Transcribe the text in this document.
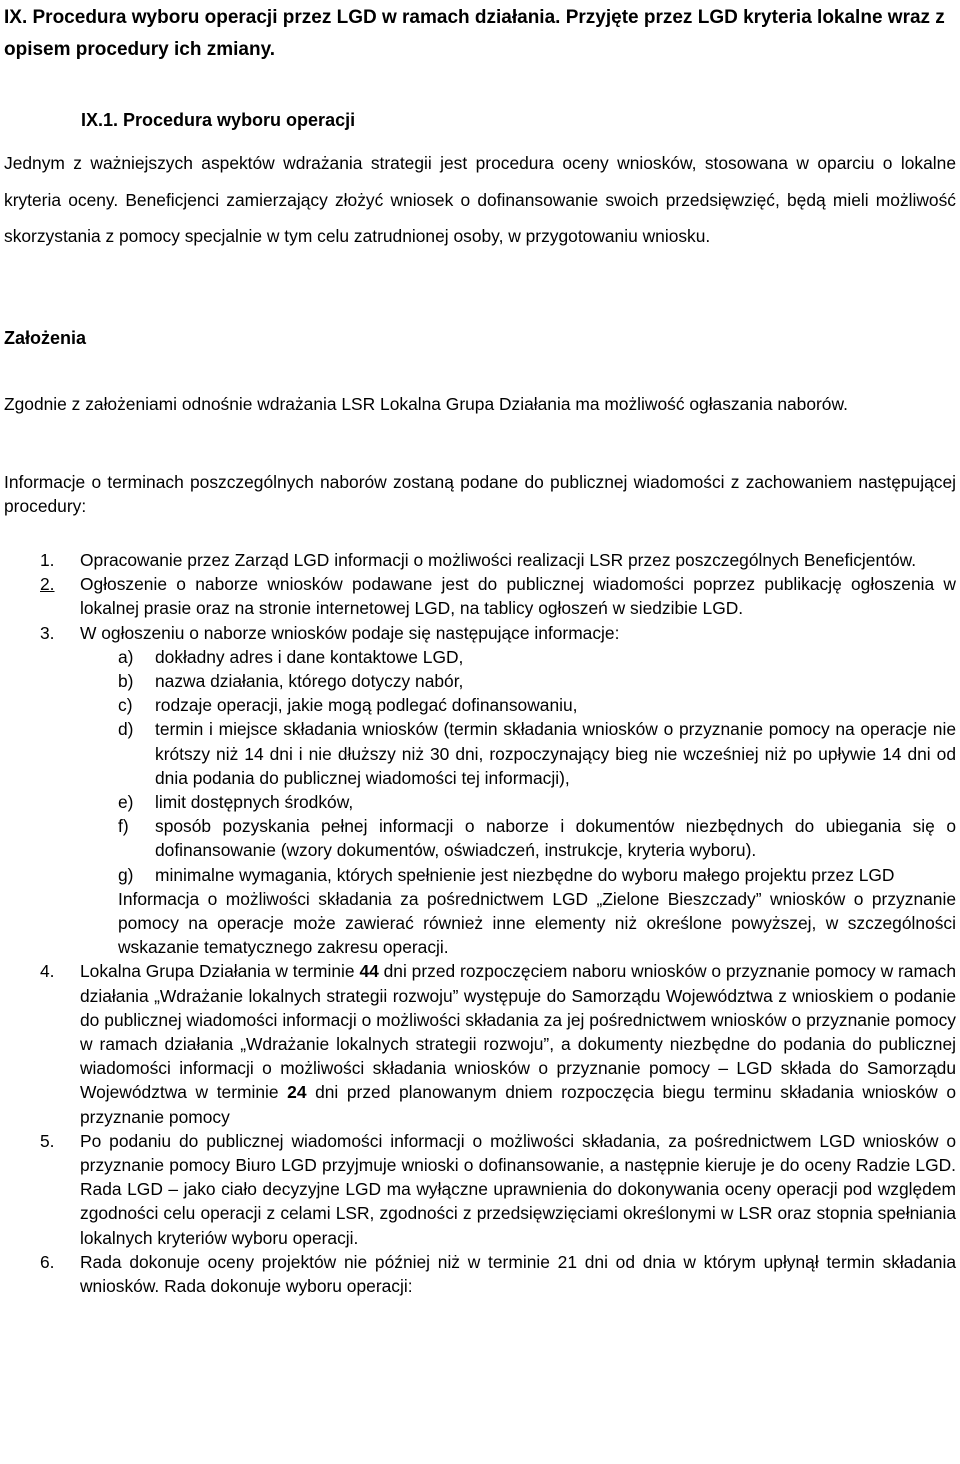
IX. Procedura wyboru operacji przez LGD w ramach działania. Przyjęte przez LGD kryteria lokalne wraz z opisem procedury ich zmiany.
IX.1. Procedura wyboru operacji

Jednym z ważniejszych aspektów wdrażania strategii jest procedura oceny wniosków, stosowana w oparciu o lokalne kryteria oceny. Beneficjenci zamierzający złożyć wniosek o dofinansowanie swoich przedsięwzięć, będą mieli możliwość skorzystania z pomocy specjalnie w tym celu zatrudnionej osoby, w przygotowaniu wniosku.

Założenia

Zgodnie z założeniami odnośnie wdrażania LSR Lokalna Grupa Działania ma możliwość ogłaszania naborów.

Informacje o terminach poszczególnych naborów zostaną podane do publicznej wiadomości z zachowaniem następującej procedury:

1. Opracowanie przez Zarząd LGD informacji o możliwości realizacji LSR przez poszczególnych Beneficjentów.
2. Ogłoszenie o naborze wniosków podawane jest do publicznej wiadomości poprzez publikację ogłoszenia w lokalnej prasie oraz na stronie internetowej LGD, na tablicy ogłoszeń w siedzibie LGD.
3. W ogłoszeniu o naborze wniosków podaje się następujące informacje:
a) dokładny adres i dane kontaktowe LGD,
b) nazwa działania, którego dotyczy nabór,
c) rodzaje operacji, jakie mogą podlegać dofinansowaniu,
d) termin i miejsce składania wniosków (termin składania wniosków o przyznanie pomocy na operacje nie krótszy niż 14 dni i nie dłuższy niż 30 dni, rozpoczynający bieg nie wcześniej niż po upływie 14 dni od dnia podania do publicznej wiadomości tej informacji),
e) limit dostępnych środków,
f) sposób pozyskania pełnej informacji o naborze i dokumentów niezbędnych do ubiegania się o dofinansowanie (wzory dokumentów, oświadczeń, instrukcje, kryteria wyboru).
g) minimalne wymagania, których spełnienie jest niezbędne do wyboru małego projektu przez LGD
Informacja o możliwości składania za pośrednictwem LGD „Zielone Bieszczady” wniosków o przyznanie pomocy na operacje może zawierać również inne elementy niż określone powyższej, w szczególności wskazanie tematycznego zakresu operacji.
4. Lokalna Grupa Działania w terminie 44 dni przed rozpoczęciem naboru wniosków o przyznanie pomocy w ramach działania „Wdrażanie lokalnych strategii rozwoju” występuje do Samorządu Województwa z wnioskiem o podanie do publicznej wiadomości informacji o możliwości składania za jej pośrednictwem wniosków o przyznanie pomocy w ramach działania „Wdrażanie lokalnych strategii rozwoju”, a dokumenty niezbędne do podania do publicznej wiadomości informacji o możliwości składania wniosków o przyznanie pomocy – LGD składa do Samorządu Województwa w terminie 24 dni przed planowanym dniem rozpoczęcia biegu terminu składania wniosków o przyznanie pomocy
5. Po podaniu do publicznej wiadomości informacji o możliwości składania, za pośrednictwem LGD wniosków o przyznanie pomocy Biuro LGD przyjmuje wnioski o dofinansowanie, a następnie kieruje je do oceny Radzie LGD. Rada LGD – jako ciało decyzyjne LGD ma wyłączne uprawnienia do dokonywania oceny operacji pod względem zgodności celu operacji z celami LSR, zgodności z przedsięwzięciami określonymi w LSR oraz stopnia spełniania lokalnych kryteriów wyboru operacji.
6. Rada dokonuje oceny projektów nie później niż w terminie 21 dni od dnia w którym upłynął termin składania wniosków. Rada dokonuje wyboru operacji:
